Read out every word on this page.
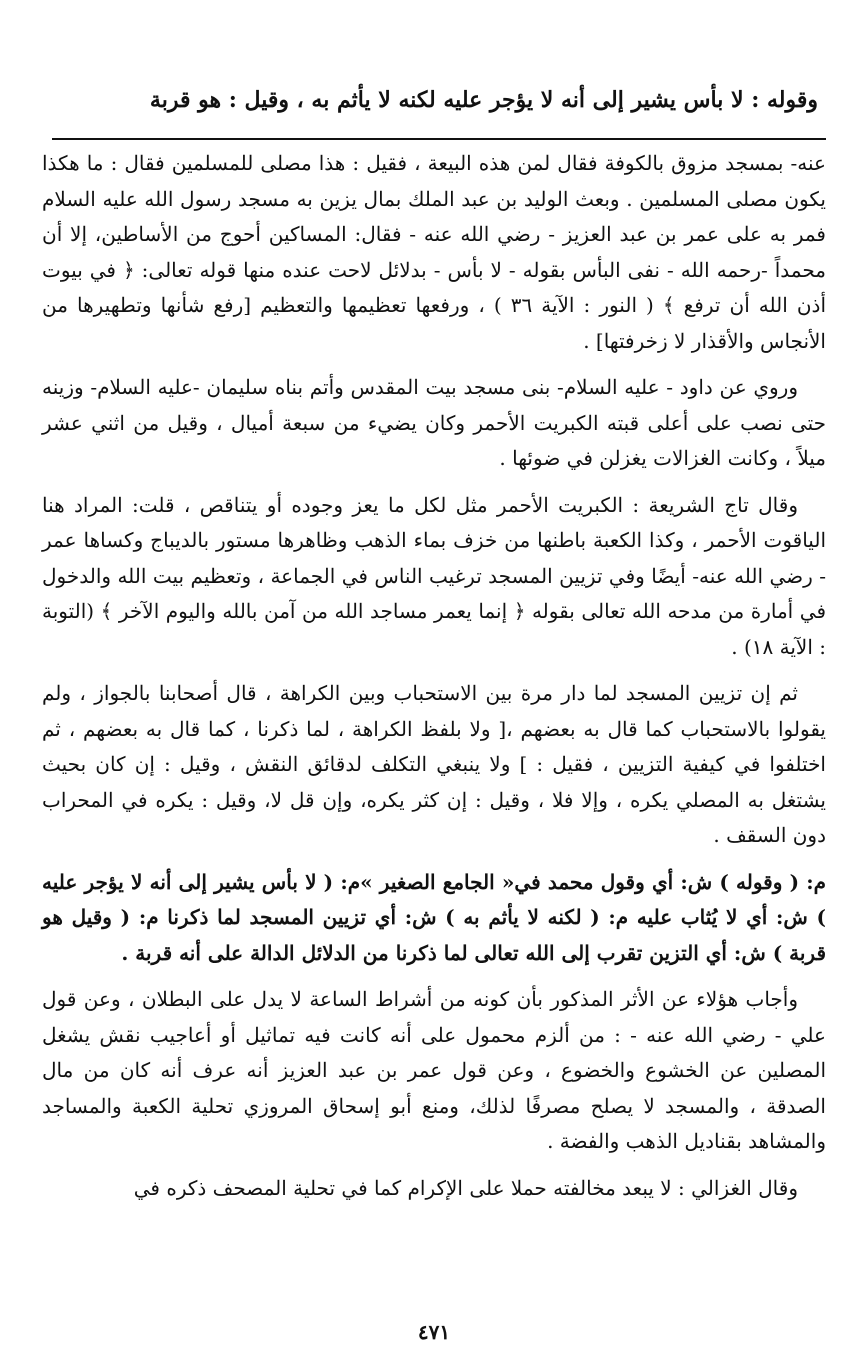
وقوله : لا بأس يشير إلى أنه لا يؤجر عليه لكنه لا يأثم به ، وقيل : هو قربة

عنه- بمسجد مزوق بالكوفة فقال لمن هذه البيعة ، فقيل : هذا مصلى للمسلمين فقال : ما هكذا يكون مصلى المسلمين . وبعث الوليد بن عبد الملك بمال يزين به مسجد رسول الله عليه السلام فمر به على عمر بن عبد العزيز - رضي الله عنه - فقال: المساكين أحوج من الأساطين، إلا أن محمداً -رحمه الله - نفى البأس بقوله - لا بأس - بدلائل لاحت عنده منها قوله تعالى: ﴿ في بيوت أذن الله أن ترفع ﴾ ( النور : الآية ٣٦ ) ، ورفعها تعظيمها والتعظيم [رفع شأنها وتطهيرها من الأنجاس والأقذار لا زخرفتها] .

وروي عن داود - عليه السلام- بنى مسجد بيت المقدس وأتم بناه سليمان -عليه السلام- وزينه حتى نصب على أعلى قبته الكبريت الأحمر وكان يضيء من سبعة أميال ، وقيل من اثني عشر ميلاً ، وكانت الغزالات يغزلن في ضوئها .

وقال تاج الشريعة : الكبريت الأحمر مثل لكل ما يعز وجوده أو يتناقص ، قلت: المراد هنا الياقوت الأحمر ، وكذا الكعبة باطنها من خزف بماء الذهب وظاهرها مستور بالديباج وكساها عمر - رضي الله عنه- أيضًا وفي تزيين المسجد ترغيب الناس في الجماعة ، وتعظيم بيت الله والدخول في أمارة من مدحه الله تعالى بقوله ﴿ إنما يعمر مساجد الله من آمن بالله واليوم الآخر ﴾ (التوبة : الآية ١٨) .

ثم إن تزيين المسجد لما دار مرة بين الاستحباب وبين الكراهة ، قال أصحابنا بالجواز ، ولم يقولوا بالاستحباب كما قال به بعضهم ،[ ولا بلفظ الكراهة ، لما ذكرنا ، كما قال به بعضهم ، ثم اختلفوا في كيفية التزيين ، فقيل : ] ولا ينبغي التكلف لدقائق النقش ، وقيل : إن كان بحيث يشتغل به المصلي يكره ، وإلا فلا ، وقيل : إن كثر يكره، وإن قل لا، وقيل : يكره في المحراب دون السقف .

م: ( وقوله ) ش: أي وقول محمد في« الجامع الصغير »م: ( لا بأس يشير إلى أنه لا يؤجر عليه ) ش: أي لا يُثاب عليه م: ( لكنه لا يأثم به ) ش: أي تزيين المسجد لما ذكرنا م: ( وقيل هو قربة ) ش: أي التزين تقرب إلى الله تعالى لما ذكرنا من الدلائل الدالة على أنه قربة .

وأجاب هؤلاء عن الأثر المذكور بأن كونه من أشراط الساعة لا يدل على البطلان ، وعن قول علي - رضي الله عنه - : من ألزم محمول على أنه كانت فيه تماثيل أو أعاجيب نقش يشغل المصلين عن الخشوع والخضوع ، وعن قول عمر بن عبد العزيز أنه عرف أنه كان من مال الصدقة ، والمسجد لا يصلح مصرفًا لذلك، ومنع أبو إسحاق المروزي تحلية الكعبة والمساجد والمشاهد بقناديل الذهب والفضة .

وقال الغزالي : لا يبعد مخالفته حملا على الإكرام كما في تحلية المصحف ذكره في

٤٧١
